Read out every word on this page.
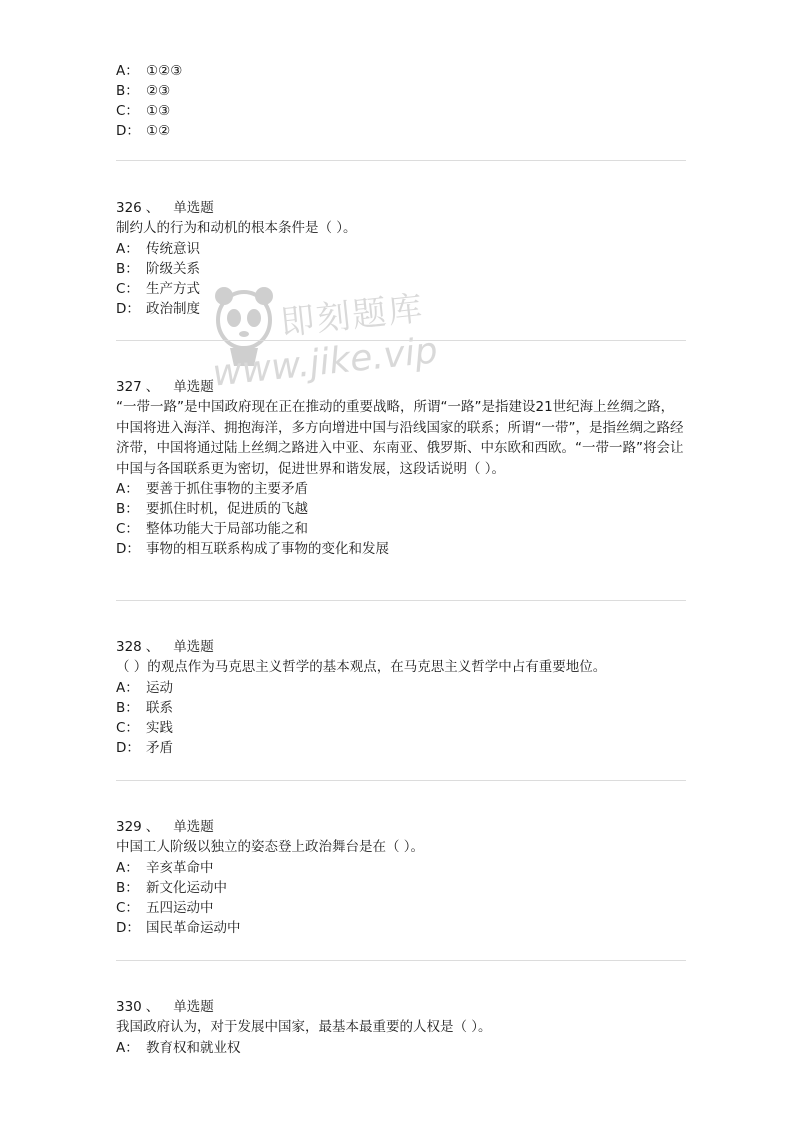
即刻题库
www.jike.vip
A： ①②③
B： ②③
C： ①③
D： ①②
326 、 单选题
制约人的行为和动机的根本条件是（ ）。
A： 传统意识
B： 阶级关系
C： 生产方式
D： 政治制度
327 、 单选题
“一带一路”是中国政府现在正在推动的重要战略，所谓“一路”是指建设21世纪海上丝绸之路，中国将进入海洋、拥抱海洋，多方向增进中国与沿线国家的联系；所谓“一带”，是指丝绸之路经济带，中国将通过陆上丝绸之路进入中亚、东南亚、俄罗斯、中东欧和西欧。“一带一路”将会让中国与各国联系更为密切，促进世界和谐发展，这段话说明（ ）。
A： 要善于抓住事物的主要矛盾
B： 要抓住时机，促进质的飞越
C： 整体功能大于局部功能之和
D： 事物的相互联系构成了事物的变化和发展
328 、 单选题
（ ）的观点作为马克思主义哲学的基本观点，在马克思主义哲学中占有重要地位。
A： 运动
B： 联系
C： 实践
D： 矛盾
329 、 单选题
中国工人阶级以独立的姿态登上政治舞台是在（ ）。
A： 辛亥革命中
B： 新文化运动中
C： 五四运动中
D： 国民革命运动中
330 、 单选题
我国政府认为，对于发展中国家，最基本最重要的人权是（ ）。
A： 教育权和就业权
